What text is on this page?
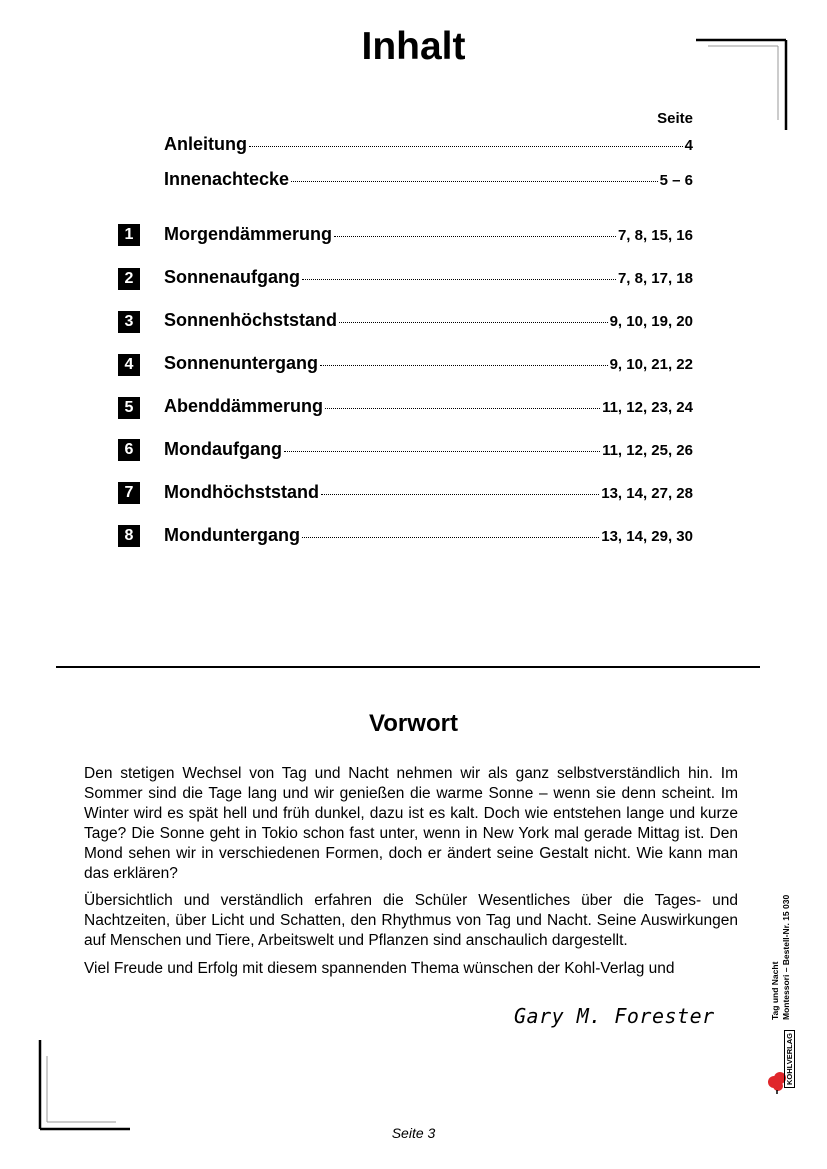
Inhalt
Seite
Anleitung	4
Innenachtecke	5 – 6
1	Morgendämmerung	7, 8, 15, 16
2	Sonnenaufgang	7, 8, 17, 18
3	Sonnenhöchststand	9, 10, 19, 20
4	Sonnenuntergang	9, 10, 21, 22
5	Abenddämmerung	11, 12, 23, 24
6	Mondaufgang	11, 12, 25, 26
7	Mondhöchststand	13, 14, 27, 28
8	Monduntergang	13, 14, 29, 30
Vorwort
Den stetigen Wechsel von Tag und Nacht nehmen wir als ganz selbstverständlich hin. Im Sommer sind die Tage lang und wir genießen die warme Sonne – wenn sie denn scheint. Im Winter wird es spät hell und früh dunkel, dazu ist es kalt. Doch wie entstehen lange und kurze Tage? Die Sonne geht in Tokio schon fast unter, wenn in New York mal gerade Mittag ist. Den Mond sehen wir in verschiedenen Formen, doch er ändert seine Gestalt nicht. Wie kann man das erklären?
Übersichtlich und verständlich erfahren die Schüler Wesentliches über die Tages- und Nachtzeiten, über Licht und Schatten, den Rhythmus von Tag und Nacht. Seine Auswirkungen auf Menschen und Tiere, Arbeitswelt und Pflanzen sind anschaulich dargestellt.
Viel Freude und Erfolg mit diesem spannenden Thema wünschen der Kohl-Verlag und
Gary M. Forester	Tag und Nacht Montessori – Bestell-Nr. 15 030
KOHLVERLAG
Seite 3
